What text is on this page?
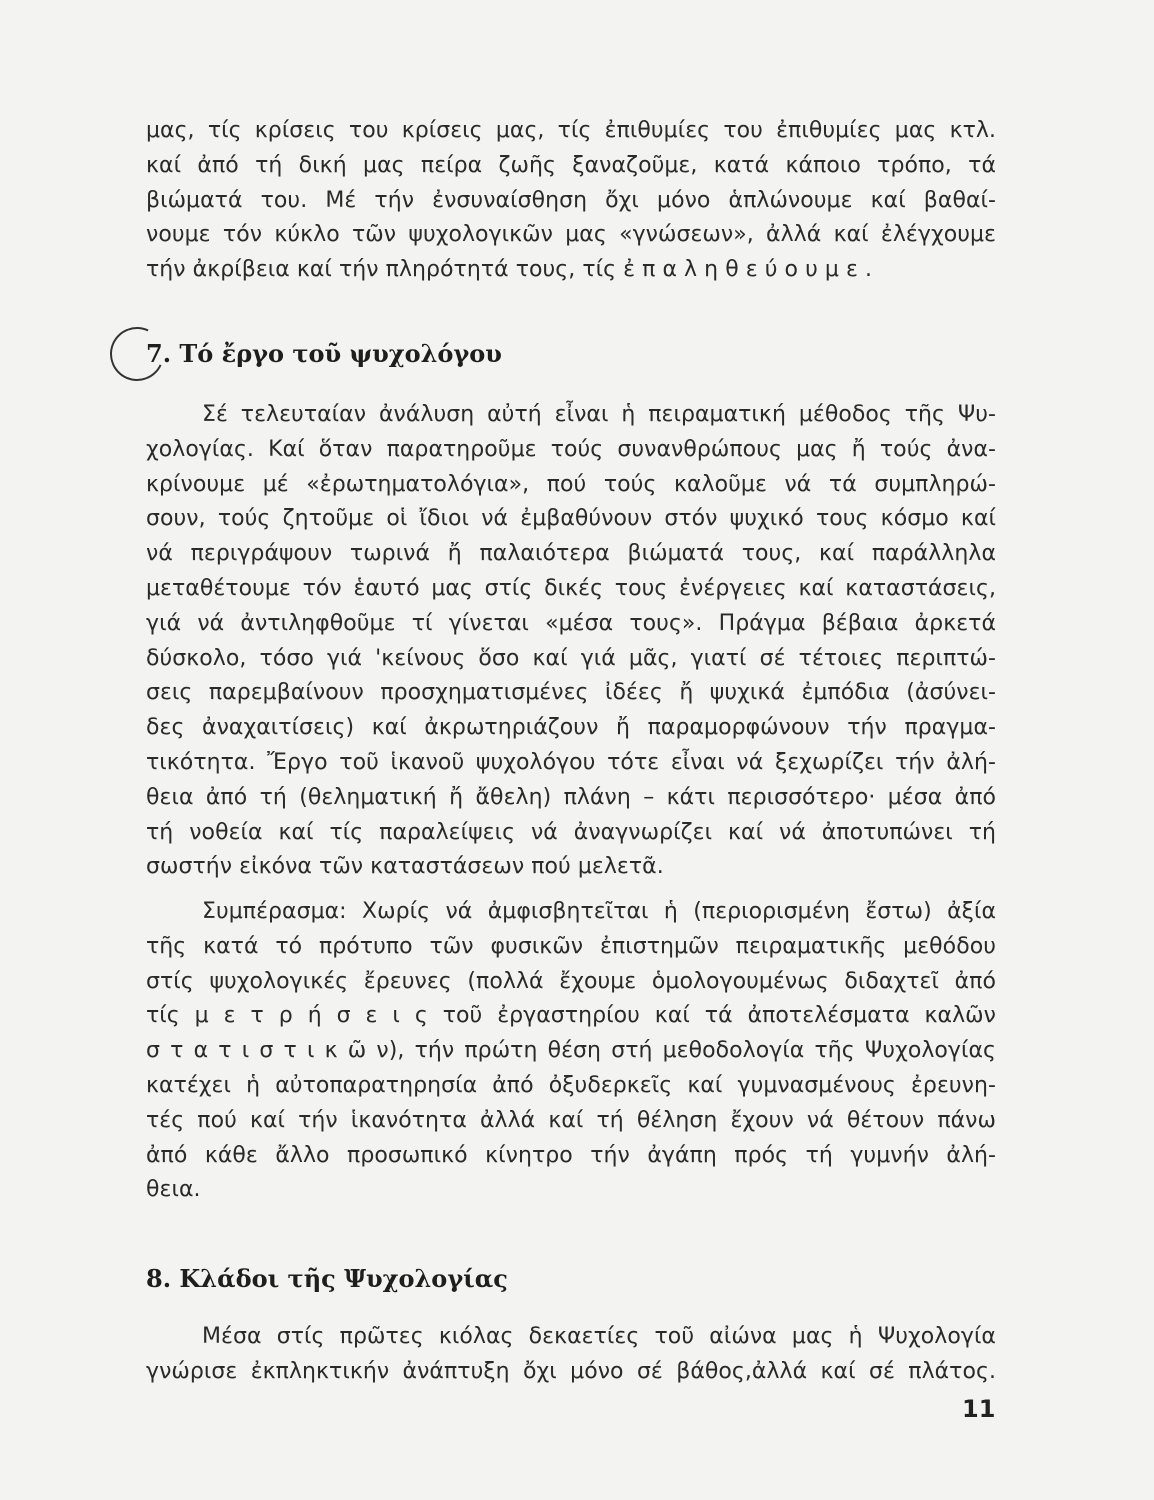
μας, τίς κρίσεις του κρίσεις μας, τίς ἐπιθυμίες του ἐπιθυμίες μας κτλ.
καί ἀπό τή δική μας πείρα ζωῆς ξαναζοῦμε, κατά κάποιο τρόπο, τά
βιώματά του. Μέ τήν ἐνσυναίσθηση ὄχι μόνο ἁπλώνουμε καί βαθαί-
νουμε τόν κύκλο τῶν ψυχολογικῶν μας «γνώσεων», ἀλλά καί ἐλέγχουμε
τήν ἀκρίβεια καί τήν πληρότητά τους, τίς ἐ π α λ η θ ε ύ ο υ μ ε .
7. Τό ἔργο τοῦ ψυχολόγου
Σέ τελευταίαν ἀνάλυση αὐτή εἶναι ἡ πειραματική μέθοδος τῆς Ψυ-
χολογίας. Καί ὅταν παρατηροῦμε τούς συνανθρώπους μας ἤ τούς ἀνα-
κρίνουμε μέ «ἐρωτηματολόγια», πού τούς καλοῦμε νά τά συμπληρώ-
σουν, τούς ζητοῦμε οἱ ἴδιοι νά ἐμβαθύνουν στόν ψυχικό τους κόσμο καί
νά περιγράψουν τωρινά ἤ παλαιότερα βιώματά τους, καί παράλληλα
μεταθέτουμε τόν ἑαυτό μας στίς δικές τους ἐνέργειες καί καταστάσεις,
γιά νά ἀντιληφθοῦμε τί γίνεται «μέσα τους». Πράγμα βέβαια ἀρκετά
δύσκολο, τόσο γιά 'κείνους ὅσο καί γιά μᾶς, γιατί σέ τέτοιες περιπτώ-
σεις παρεμβαίνουν προσχηματισμένες ἰδέες ἤ ψυχικά ἐμπόδια (ἀσύνει-
δες ἀναχαιτίσεις) καί ἀκρωτηριάζουν ἤ παραμορφώνουν τήν πραγμα-
τικότητα. Ἔργο τοῦ ἱκανοῦ ψυχολόγου τότε εἶναι νά ξεχωρίζει τήν ἀλή-
θεια ἀπό τή (θεληματική ἤ ἄθελη) πλάνη – κάτι περισσότερο· μέσα ἀπό
τή νοθεία καί τίς παραλείψεις νά ἀναγνωρίζει καί νά ἀποτυπώνει τή
σωστήν εἰκόνα τῶν καταστάσεων πού μελετᾶ.
Συμπέρασμα: Χωρίς νά ἀμφισβητεῖται ἡ (περιορισμένη ἔστω) ἀξία
τῆς κατά τό πρότυπο τῶν φυσικῶν ἐπιστημῶν πειραματικῆς μεθόδου
στίς ψυχολογικές ἔρευνες (πολλά ἔχουμε ὁμολογουμένως διδαχτεῖ ἀπό
τίς μ ε τ ρ ή σ ε ι ς τοῦ ἐργαστηρίου καί τά ἀποτελέσματα καλῶν
σ τ α τ ι σ τ ι κ ῶ ν), τήν πρώτη θέση στή μεθοδολογία τῆς Ψυχολογίας
κατέχει ἡ αὐτοπαρατηρησία ἀπό ὀξυδερκεῖς καί γυμνασμένους ἐρευνη-
τές πού καί τήν ἱκανότητα ἀλλά καί τή θέληση ἔχουν νά θέτουν πάνω
ἀπό κάθε ἄλλο προσωπικό κίνητρο τήν ἀγάπη πρός τή γυμνήν ἀλή-
θεια.
8. Κλάδοι τῆς Ψυχολογίας
Μέσα στίς πρῶτες κιόλας δεκαετίες τοῦ αἰώνα μας ἡ Ψυχολογία
γνώρισε ἐκπληκτικήν ἀνάπτυξη ὄχι μόνο σέ βάθος,ἀλλά καί σέ πλάτος.
11
